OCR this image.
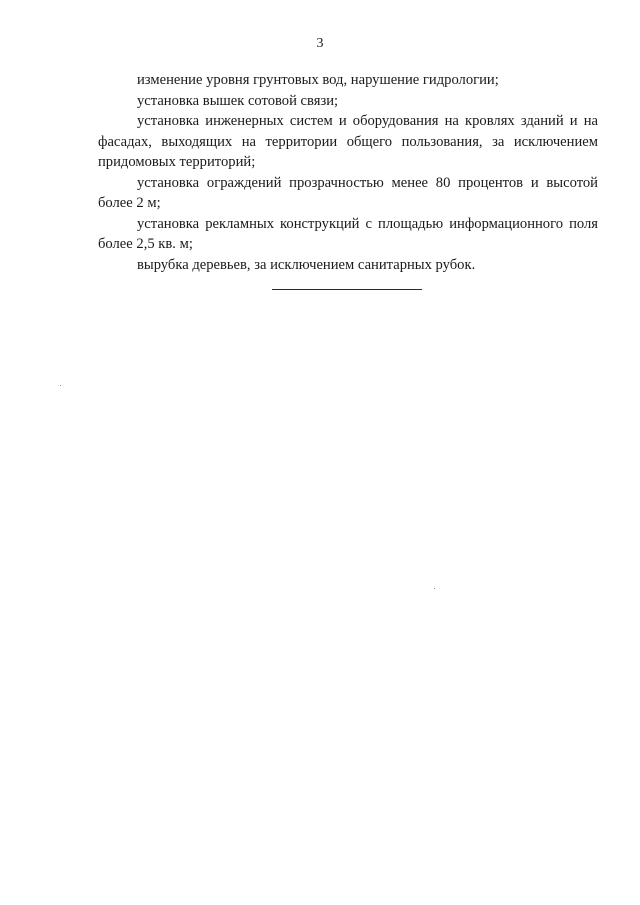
3

изменение уровня грунтовых вод, нарушение гидрологии;

установка вышек сотовой связи;

установка инженерных систем и оборудования на кровлях зданий и на фасадах, выходящих на территории общего пользования, за исключением придомовых территорий;

установка ограждений прозрачностью менее 80 процентов и высотой более 2 м;

установка рекламных конструкций с площадью информационного поля более 2,5 кв. м;

вырубка деревьев, за исключением санитарных рубок.
